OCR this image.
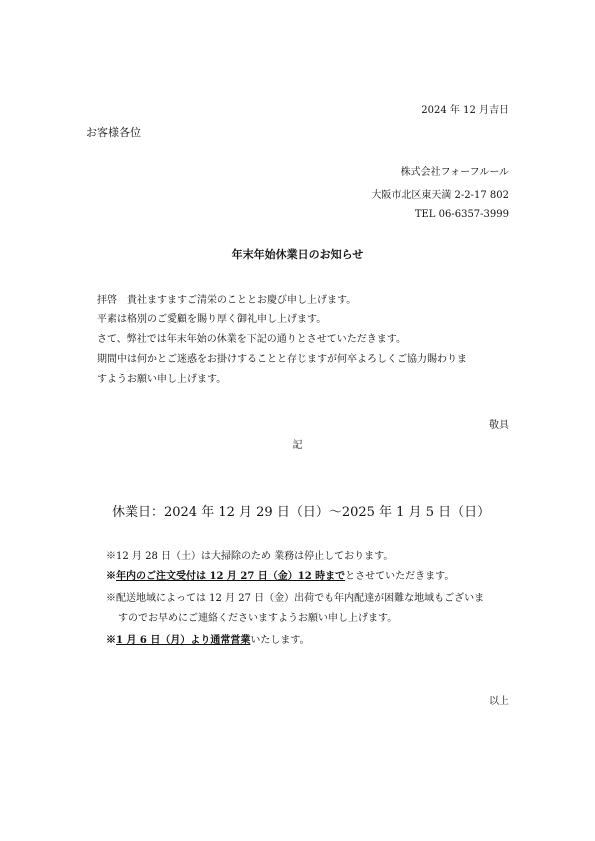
2024 年 12 月吉日
お客様各位
株式会社フォーフルール
大阪市北区東天満 2-2-17 802
TEL 06-6357-3999
年末年始休業日のお知らせ
拝啓　貴社ますますご清栄のこととお慶び申し上げます。
平素は格別のご愛顧を賜り厚く御礼申し上げます。
さて、弊社では年末年始の休業を下記の通りとさせていただきます。
期間中は何かとご迷惑をお掛けすることと存じますが何卒よろしくご協力賜わりま
すようお願い申し上げます。
敬具
記
休業日：2024 年 12 月 29 日（日）～2025 年 1 月 5 日（日）
※12 月 28 日（土）は大掃除のため 業務は停止しております。
※年内のご注文受付は 12 月 27 日（金）12 時までとさせていただきます。
※配送地域によっては 12 月 27 日（金）出荷でも年内配達が困難な地域もございま
すのでお早めにご連絡くださいますようお願い申し上げます。
※1 月 6 日（月）より通常営業いたします。
以上
